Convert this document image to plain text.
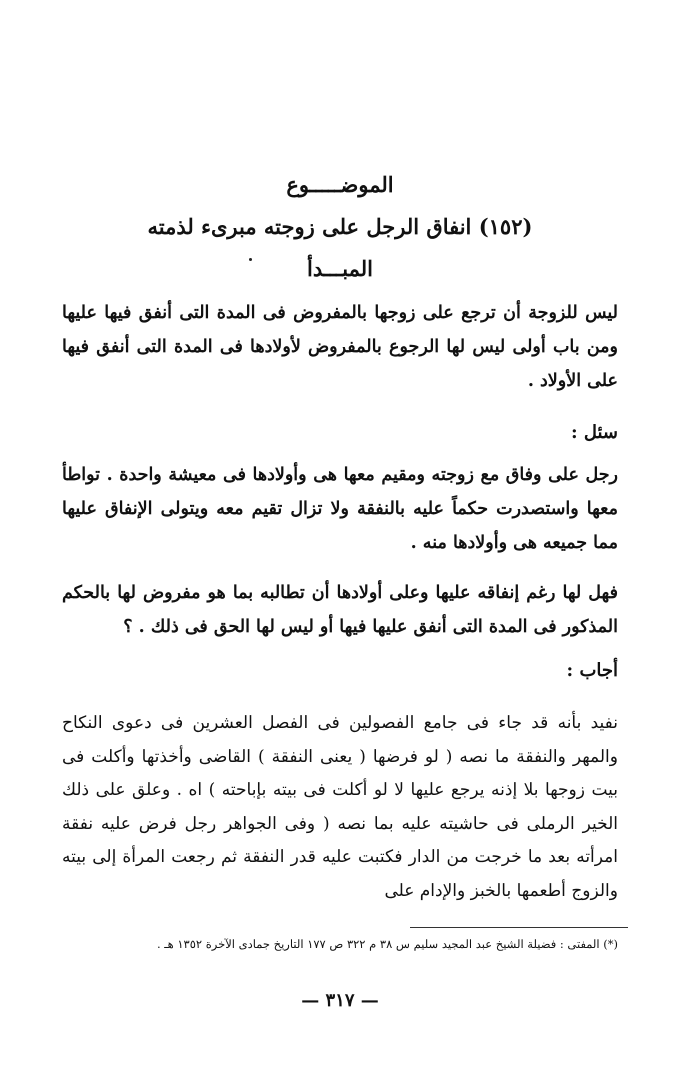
الموضـــــوع
(١٥٢) انفاق الرجل على زوجته مبرىء لذمته
المبـــدأ

ليس للزوجة أن ترجع على زوجها بالمفروض فى المدة التى أنفق فيها عليها ومن باب أولى ليس لها الرجوع بالمفروض لأولادها فى المدة التى أنفق فيها على الأولاد .

سئل :

رجل على وفاق مع زوجته ومقيم معها هى وأولادها فى معيشة واحدة . تواطأ معها واستصدرت حكماً عليه بالنفقة ولا تزال تقيم معه ويتولى الإنفاق عليها مما جميعه هى وأولادها منه .

فهل لها رغم إنفاقه عليها وعلى أولادها أن تطالبه بما هو مفروض لها بالحكم المذكور فى المدة التى أنفق عليها فيها أو ليس لها الحق فى ذلك . ؟

أجاب :

نفيد بأنه قد جاء فى جامع الفصولين فى الفصل العشرين فى دعوى النكاح والمهر والنفقة ما نصه ( لو فرضها ( يعنى النفقة ) القاضى وأخذتها وأكلت فى بيت زوجها بلا إذنه يرجع عليها لا لو أكلت فى بيته بإباحته ) اه . وعلق على ذلك الخير الرملى فى حاشيته عليه بما نصه ( وفى الجواهر رجل فرض عليه نفقة امرأته بعد ما خرجت من الدار فكتبت عليه قدر النفقة ثم رجعت المرأة إلى بيته والزوج أطعمها بالخبز والإدام على

(*) المفتى : فضيلة الشيخ عبد المجيد سليم س ٣٨ م ٣٢٢ ص ١٧٧ التاريخ جمادى الآخرة ١٣٥٢ هـ .

— ٣١٧ —
